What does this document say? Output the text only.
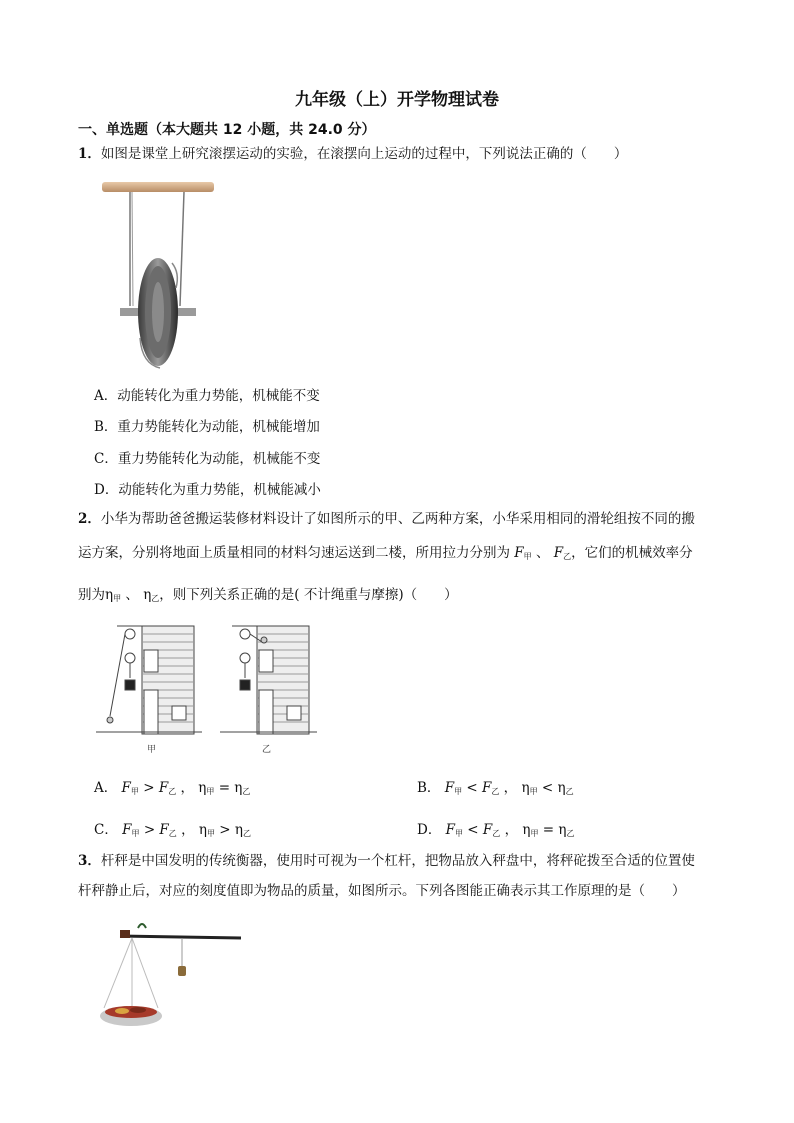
九年级（上）开学物理试卷
一、单选题（本大题共 12 小题，共 24.0 分）
1．如图是课堂上研究滚摆运动的实验，在滚摆向上运动的过程中，下列说法正确的（　　）
A．动能转化为重力势能，机械能不变
B．重力势能转化为动能，机械能增加
C．重力势能转化为动能，机械能不变
D．动能转化为重力势能，机械能减小
2．小华为帮助爸爸搬运装修材料设计了如图所示的甲、乙两种方案，小华采用相同的滑轮组按不同的搬
运方案，分别将地面上质量相同的材料匀速运送到二楼，所用拉力分别为 $F_甲$ 、 $F_乙$，它们的机械效率分
别为$\eta_甲$ 、 $\eta_乙$，则下列关系正确的是( 不计绳重与摩擦)（　　）
甲	乙
A． $F_甲 > F_乙$ ， $\eta_甲 = \eta_乙$	B． $F_甲 < F_乙$ ， $\eta_甲 < \eta_乙$
C． $F_甲 > F_乙$ ， $\eta_甲 > \eta_乙$	D． $F_甲 < F_乙$ ， $\eta_甲 = \eta_乙$
3．杆秤是中国发明的传统衡器，使用时可视为一个杠杆，把物品放入秤盘中，将秤砣拨至合适的位置使
杆秤静止后，对应的刻度值即为物品的质量，如图所示。下列各图能正确表示其工作原理的是（　　）
